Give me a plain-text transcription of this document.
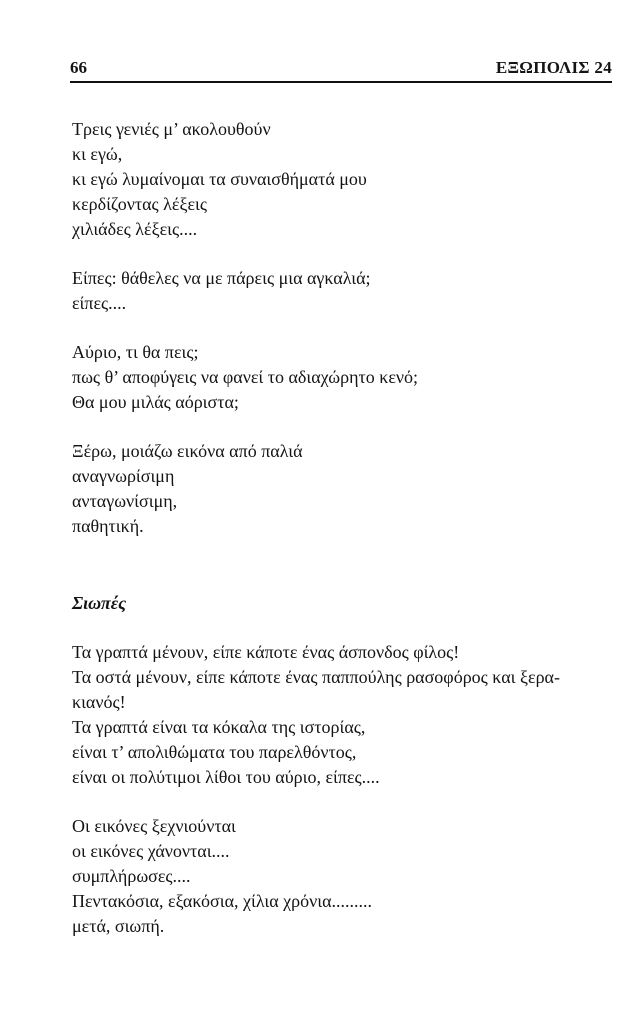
66	ΕΞΩΠΟΛΙΣ 24
Τρεις γενιές μ’ ακολουθούν
κι εγώ,
κι εγώ λυμαίνομαι τα συναισθήματά μου
κερδίζοντας λέξεις
χιλιάδες λέξεις....
Είπες: θάθελες να με πάρεις μια αγκαλιά;
είπες....
Αύριο, τι θα πεις;
πως θ’ αποφύγεις να φανεί το αδιαχώρητο κενό;
Θα μου μιλάς αόριστα;
Ξέρω, μοιάζω εικόνα από παλιά
αναγνωρίσιμη
ανταγωνίσιμη,
παθητική.
Σιωπές
Τα γραπτά μένουν, είπε κάποτε ένας άσπονδος φίλος!
Τα οστά μένουν, είπε κάποτε ένας παππούλης ρασοφόρος και ξερα-
κιανός!
Τα γραπτά είναι τα κόκαλα της ιστορίας,
είναι τ’ απολιθώματα του παρελθόντος,
είναι οι πολύτιμοι λίθοι του αύριο, είπες....
Οι εικόνες ξεχνιούνται
οι εικόνες χάνονται....
συμπλήρωσες....
Πεντακόσια, εξακόσια, χίλια χρόνια.........
μετά, σιωπή.
